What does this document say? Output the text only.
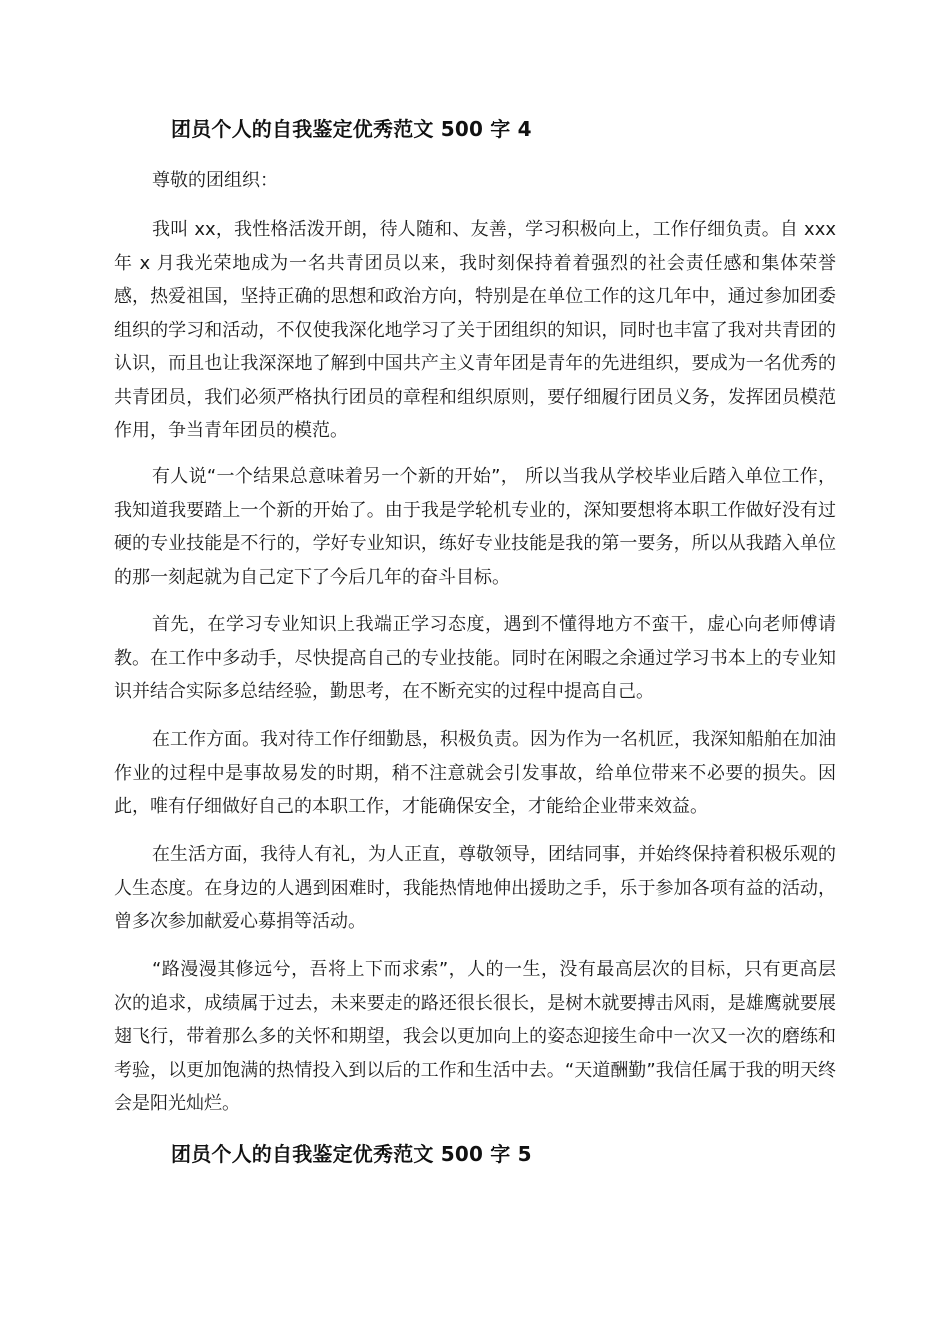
团员个人的自我鉴定优秀范文 500 字 4
尊敬的团组织：

我叫 xx，我性格活泼开朗，待人随和、友善，学习积极向上，工作仔细负责。自 xxx 年 x 月我光荣地成为一名共青团员以来，我时刻保持着着强烈的社会责任感和集体荣誉感，热爱祖国，坚持正确的思想和政治方向，特别是在单位工作的这几年中，通过参加团委组织的学习和活动，不仅使我深化地学习了关于团组织的知识，同时也丰富了我对共青团的认识，而且也让我深深地了解到中国共产主义青年团是青年的先进组织，要成为一名优秀的共青团员，我们必须严格执行团员的章程和组织原则，要仔细履行团员义务，发挥团员模范作用，争当青年团员的模范。

有人说“一个结果总意味着另一个新的开始”， 所以当我从学校毕业后踏入单位工作，我知道我要踏上一个新的开始了。由于我是学轮机专业的，深知要想将本职工作做好没有过硬的专业技能是不行的，学好专业知识，练好专业技能是我的第一要务，所以从我踏入单位的那一刻起就为自己定下了今后几年的奋斗目标。

首先，在学习专业知识上我端正学习态度，遇到不懂得地方不蛮干，虚心向老师傅请教。在工作中多动手，尽快提高自己的专业技能。同时在闲暇之余通过学习书本上的专业知识并结合实际多总结经验，勤思考，在不断充实的过程中提高自己。

在工作方面。我对待工作仔细勤恳，积极负责。因为作为一名机匠，我深知船舶在加油作业的过程中是事故易发的时期，稍不注意就会引发事故，给单位带来不必要的损失。因此，唯有仔细做好自己的本职工作，才能确保安全，才能给企业带来效益。

在生活方面，我待人有礼，为人正直，尊敬领导，团结同事，并始终保持着积极乐观的人生态度。在身边的人遇到困难时，我能热情地伸出援助之手，乐于参加各项有益的活动，曾多次参加献爱心募捐等活动。

“路漫漫其修远兮，吾将上下而求索”，人的一生，没有最高层次的目标，只有更高层次的追求，成绩属于过去，未来要走的路还很长很长，是树木就要搏击风雨，是雄鹰就要展翅飞行，带着那么多的关怀和期望，我会以更加向上的姿态迎接生命中一次又一次的磨练和考验，以更加饱满的热情投入到以后的工作和生活中去。“天道酬勤”我信任属于我的明天终会是阳光灿烂。

团员个人的自我鉴定优秀范文 500 字 5
